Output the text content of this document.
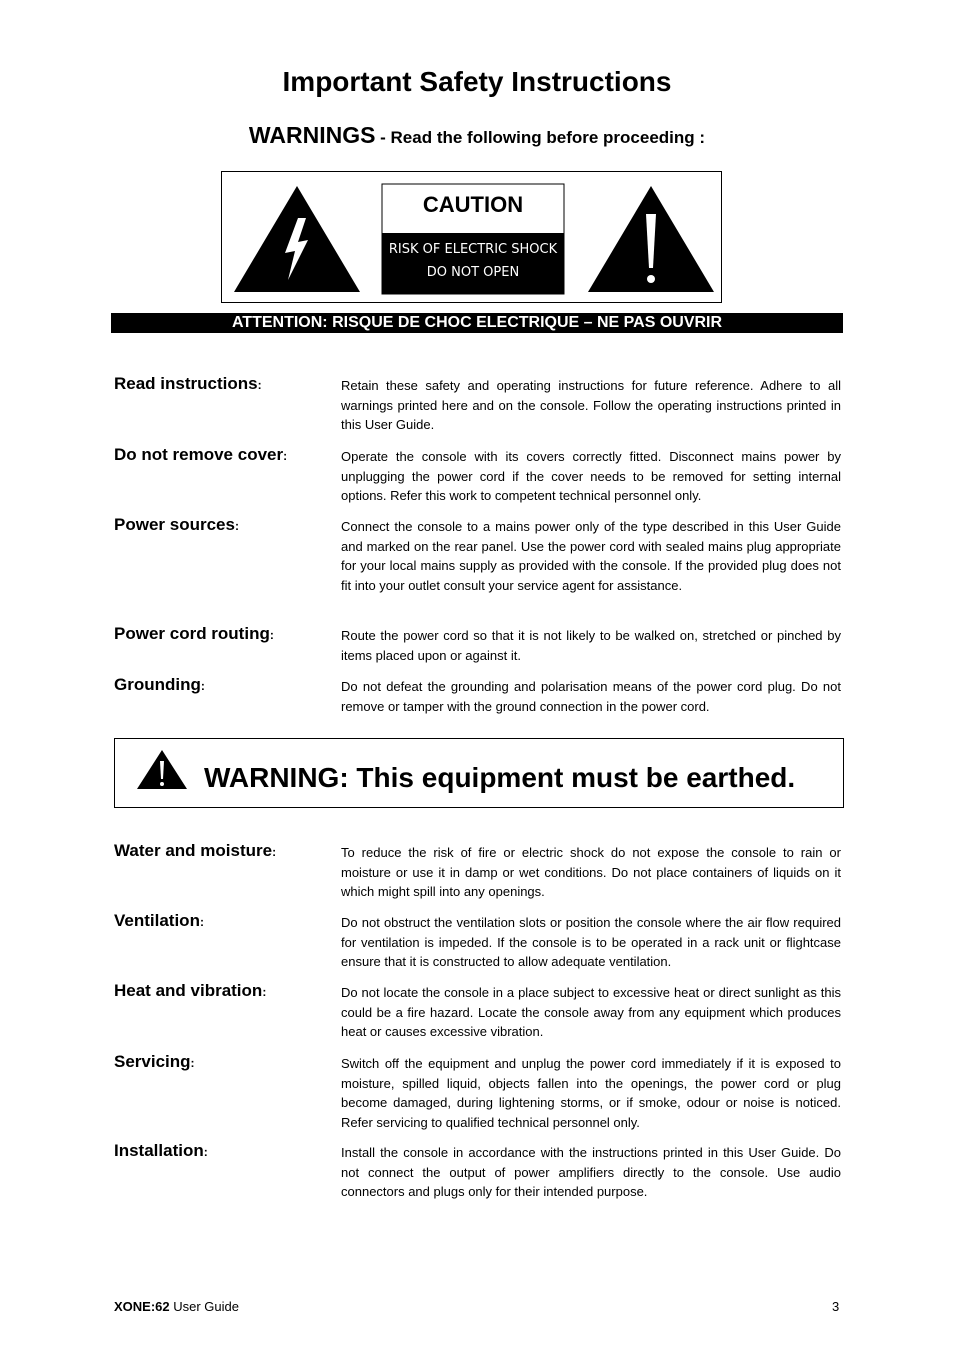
Important Safety Instructions
WARNINGS - Read the following before proceeding :
CAUTION
RISK OF ELECTRIC SHOCK
DO NOT OPEN
ATTENTION: RISQUE DE CHOC ELECTRIQUE – NE PAS OUVRIR
Read instructions:	Retain these safety and operating instructions for future reference. Adhere to all warnings printed here and on the console. Follow the operating instructions printed in this User Guide.
Do not remove cover:	Operate the console with its covers correctly fitted. Disconnect mains power by unplugging the power cord if the cover needs to be removed for setting internal options. Refer this work to competent technical personnel only.
Power sources:	Connect the console to a mains power only of the type described in this User Guide and marked on the rear panel. Use the power cord with sealed mains plug appropriate for your local mains supply as provided with the console. If the provided plug does not fit into your outlet consult your service agent for assistance.
Power cord routing:	Route the power cord so that it is not likely to be walked on, stretched or pinched by items placed upon or against it.
Grounding:	Do not defeat the grounding and polarisation means of the power cord plug. Do not remove or tamper with the ground connection in the power cord.
WARNING: This equipment must be earthed.
Water and moisture:	To reduce the risk of fire or electric shock do not expose the console to rain or moisture or use it in damp or wet conditions. Do not place containers of liquids on it which might spill into any openings.
Ventilation:	Do not obstruct the ventilation slots or position the console where the air flow required for ventilation is impeded. If the console is to be operated in a rack unit or flightcase ensure that it is constructed to allow adequate ventilation.
Heat and vibration:	Do not locate the console in a place subject to excessive heat or direct sunlight as this could be a fire hazard. Locate the console away from any equipment which produces heat or causes excessive vibration.
Servicing:	Switch off the equipment and unplug the power cord immediately if it is exposed to moisture, spilled liquid, objects fallen into the openings, the power cord or plug become damaged, during lightening storms, or if smoke, odour or noise is noticed. Refer servicing to qualified technical personnel only.
Installation:	Install the console in accordance with the instructions printed in this User Guide. Do not connect the output of power amplifiers directly to the console. Use audio connectors and plugs only for their intended purpose.
XONE:62 User Guide	3
